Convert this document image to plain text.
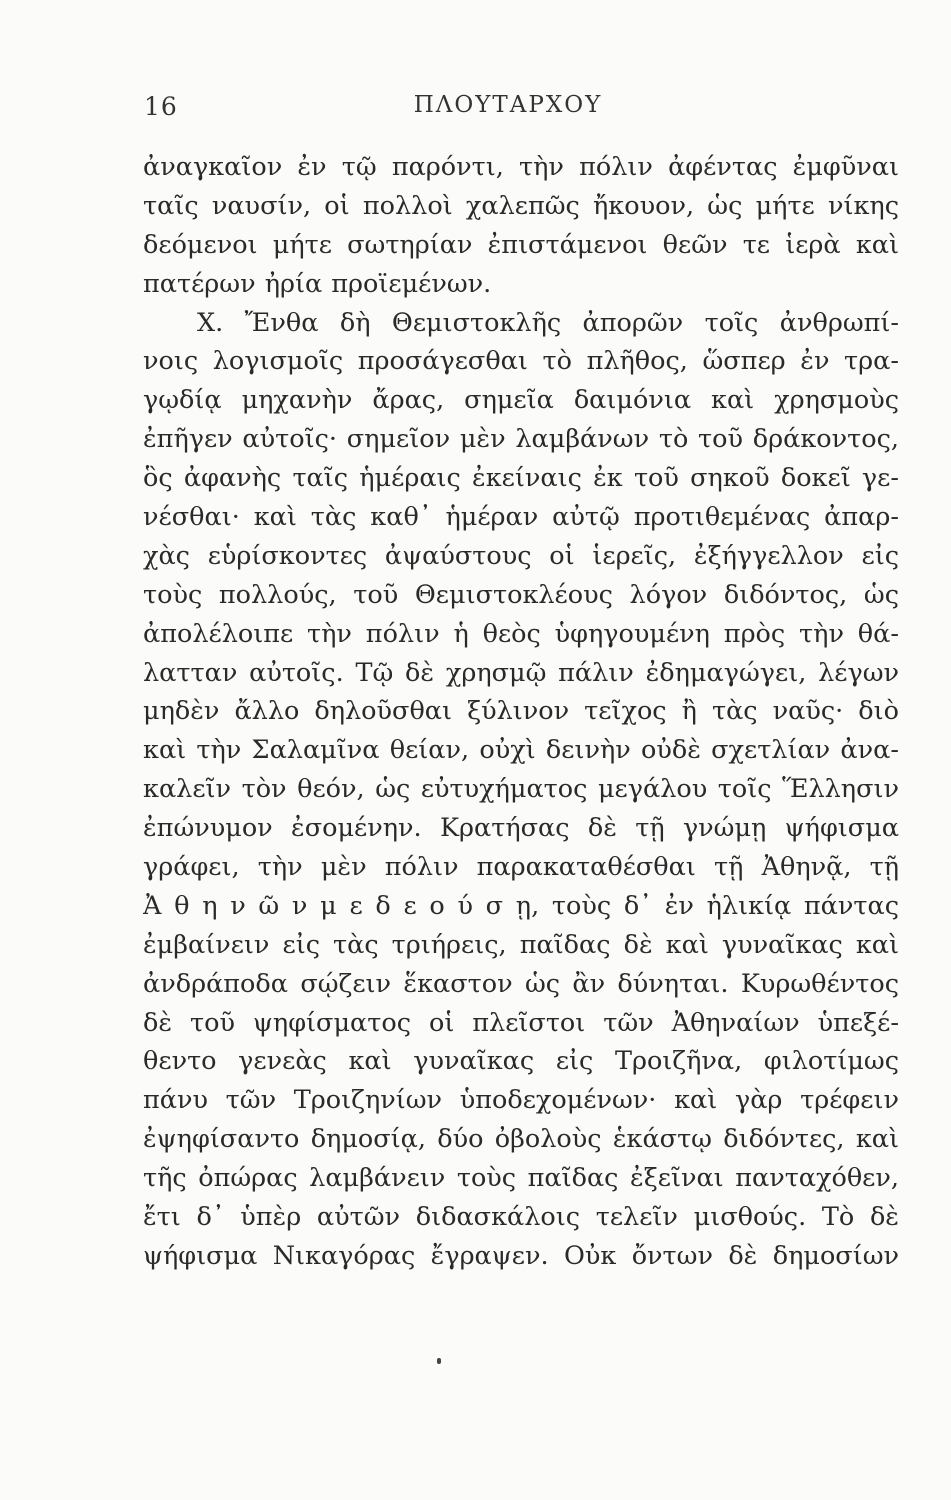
16	ΠΛΟΥΤΑΡΧΟΥ
ἀναγκαῖον ἐν τῷ παρόντι, τὴν πόλιν ἀφέντας ἐμφῦναι
ταῖς ναυσίν, οἱ πολλοὶ χαλεπῶς ἤκουον, ὡς μήτε νίκης
δεόμενοι μήτε σωτηρίαν ἐπιστάμενοι θεῶν τε ἱερὰ καὶ
πατέρων ἠρία προϊεμένων.
X. Ἔνθα δὴ Θεμιστοκλῆς ἀπορῶν τοῖς ἀνθρωπί-
νοις λογισμοῖς προσάγεσθαι τὸ πλῆθος, ὥσπερ ἐν τρα-
γῳδίᾳ μηχανὴν ἄρας, σημεῖα δαιμόνια καὶ χρησμοὺς
ἐπῆγεν αὐτοῖς· σημεῖον μὲν λαμβάνων τὸ τοῦ δράκοντος,
ὃς ἀφανὴς ταῖς ἡμέραις ἐκείναις ἐκ τοῦ σηκοῦ δοκεῖ γε-
νέσθαι· καὶ τὰς καθ᾽ ἡμέραν αὐτῷ προτιθεμένας ἀπαρ-
χὰς εὑρίσκοντες ἀψαύστους οἱ ἱερεῖς, ἐξήγγελλον εἰς
τοὺς πολλούς, τοῦ Θεμιστοκλέους λόγον διδόντος, ὡς
ἀπολέλοιπε τὴν πόλιν ἡ θεὸς ὑφηγουμένη πρὸς τὴν θά-
λατταν αὐτοῖς. Τῷ δὲ χρησμῷ πάλιν ἐδημαγώγει, λέγων
μηδὲν ἄλλο δηλοῦσθαι ξύλινον τεῖχος ἢ τὰς ναῦς· διὸ
καὶ τὴν Σαλαμῖνα θείαν, οὐχὶ δεινὴν οὐδὲ σχετλίαν ἀνα-
καλεῖν τὸν θεόν, ὡς εὐτυχήματος μεγάλου τοῖς Ἕλλησιν
ἐπώνυμον ἐσομένην. Κρατήσας δὲ τῇ γνώμῃ ψήφισμα
γράφει, τὴν μὲν πόλιν παρακαταθέσθαι τῇ Ἀθηνᾷ, τῇ
Ἀ θ η ν ῶ ν μ ε δ ε ο ύ σ ῃ, τοὺς δ᾽ ἐν ἡλικίᾳ πάντας
ἐμβαίνειν εἰς τὰς τριήρεις, παῖδας δὲ καὶ γυναῖκας καὶ
ἀνδράποδα σῴζειν ἕκαστον ὡς ἂν δύνηται. Κυρωθέντος
δὲ τοῦ ψηφίσματος οἱ πλεῖστοι τῶν Ἀθηναίων ὑπεξέ-
θεντο γενεὰς καὶ γυναῖκας εἰς Τροιζῆνα, φιλοτίμως
πάνυ τῶν Τροιζηνίων ὑποδεχομένων· καὶ γὰρ τρέφειν
ἐψηφίσαντο δημοσίᾳ, δύο ὀβολοὺς ἑκάστῳ διδόντες, καὶ
τῆς ὀπώρας λαμβάνειν τοὺς παῖδας ἐξεῖναι πανταχόθεν,
ἔτι δ᾽ ὑπὲρ αὐτῶν διδασκάλοις τελεῖν μισθούς. Τὸ δὲ
ψήφισμα Νικαγόρας ἔγραψεν. Οὐκ ὄντων δὲ δημοσίων
